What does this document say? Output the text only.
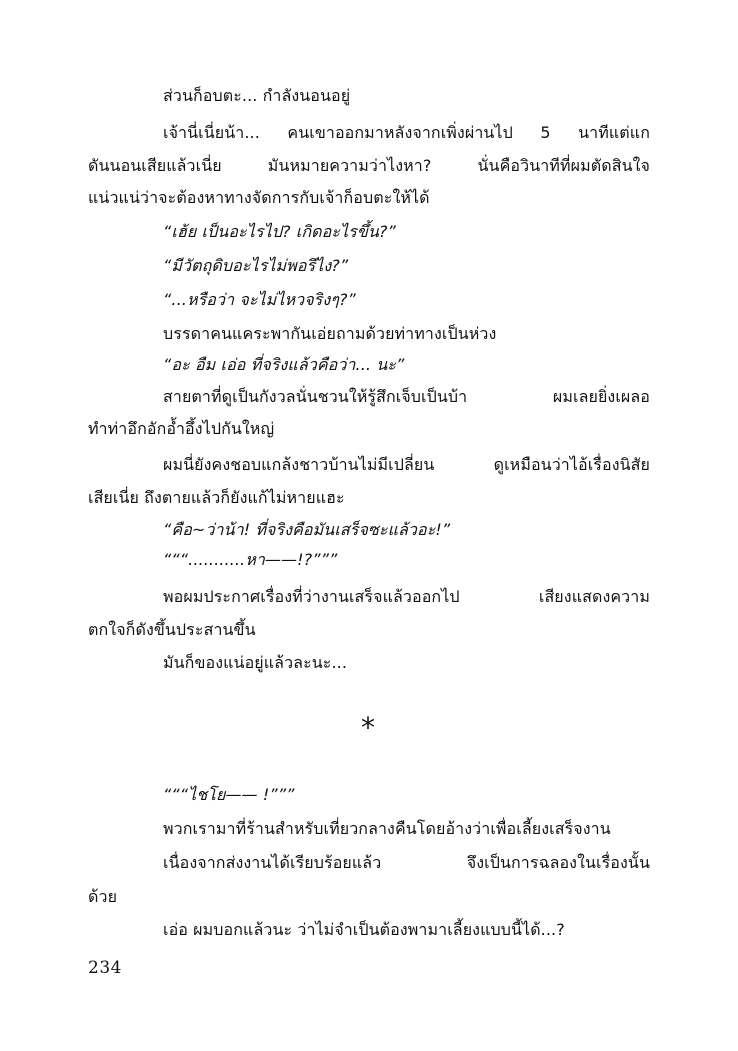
ส่วนก็อบตะ... กำลังนอนอยู่
เจ้านี่เนี่ยน้า... คนเขาออกมาหลังจากเพิ่งผ่านไป 5 นาทีแต่แก
ดันนอนเสียแล้วเนี่ย มันหมายความว่าไงหา? นั่นคือวินาทีที่ผมตัดสินใจ
แน่วแน่ว่าจะต้องหาทางจัดการกับเจ้าก็อบตะให้ได้
“เฮ้ย เป็นอะไรไป? เกิดอะไรขึ้น?”
“มีวัตถุดิบอะไรไม่พอรึไง?”
“...หรือว่า จะไม่ไหวจริงๆ?”
บรรดาคนแคระพากันเอ่ยถามด้วยท่าทางเป็นห่วง
“อะ อืม เอ่อ ที่จริงแล้วคือว่า... นะ”
สายตาที่ดูเป็นกังวลนั่นชวนให้รู้สึกเจ็บเป็นบ้า ผมเลยยิ่งเผลอ
ทำท่าอึกอักอ้ำอึ้งไปกันใหญ่
ผมนี่ยังคงชอบแกล้งชาวบ้านไม่มีเปลี่ยน ดูเหมือนว่าไอ้เรื่องนิสัย
เสียเนี่ย ถึงตายแล้วก็ยังแก้ไม่หายแฮะ
“คือ~ว่าน้า! ที่จริงคือมันเสร็จซะแล้วอะ!”
“““...........หา——!?”””
พอผมประกาศเรื่องที่ว่างานเสร็จแล้วออกไป เสียงแสดงความ
ตกใจก็ดังขึ้นประสานขึ้น
มันก็ของแน่อยู่แล้วละนะ...
*
“““ไชโย—— !”””
พวกเรามาที่ร้านสำหรับเที่ยวกลางคืนโดยอ้างว่าเพื่อเลี้ยงเสร็จงาน
เนื่องจากส่งงานได้เรียบร้อยแล้ว จึงเป็นการฉลองในเรื่องนั้น
ด้วย
เอ่อ ผมบอกแล้วนะ ว่าไม่จำเป็นต้องพามาเลี้ยงแบบนี้ได้...?
234
